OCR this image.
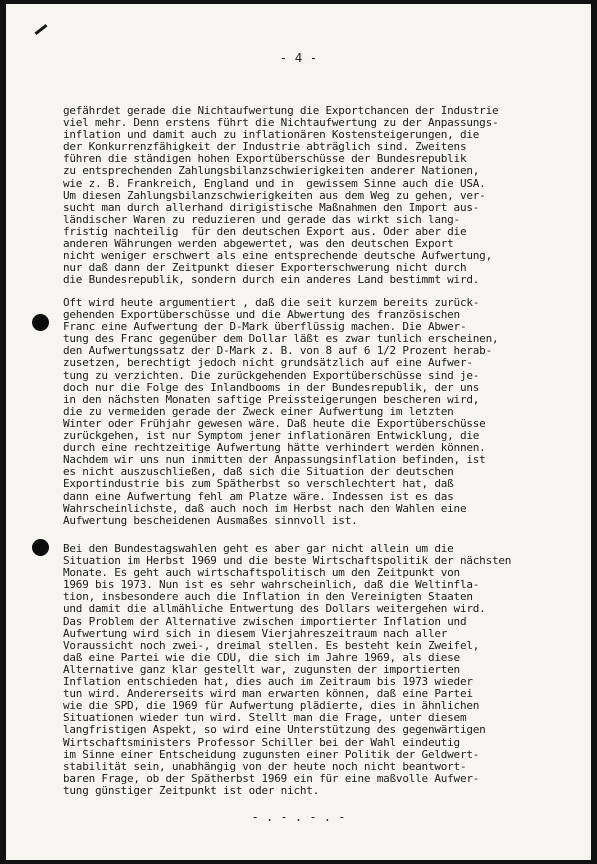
- 4 -
gefährdet gerade die Nichtaufwertung die Exportchancen der Industrie
viel mehr. Denn erstens führt die Nichtaufwertung zu der Anpassungs-
inflation und damit auch zu inflationären Kostensteigerungen, die
der Konkurrenzfähigkeit der Industrie abträglich sind. Zweitens
führen die ständigen hohen Exportüberschüsse der Bundesrepublik
zu entsprechenden Zahlungsbilanzschwierigkeiten anderer Nationen,
wie z. B. Frankreich, England und in  gewissem Sinne auch die USA.
Um diesen Zahlungsbilanzschwierigkeiten aus dem Weg zu gehen, ver-
sucht man durch allerhand dirigistische Maßnahmen den Import aus-
ländischer Waren zu reduzieren und gerade das wirkt sich lang-
fristig nachteilig  für den deutschen Export aus. Oder aber die
anderen Währungen werden abgewertet, was den deutschen Export
nicht weniger erschwert als eine entsprechende deutsche Aufwertung,
nur daß dann der Zeitpunkt dieser Exporterschwerung nicht durch
die Bundesrepublik, sondern durch ein anderes Land bestimmt wird.
Oft wird heute argumentiert , daß die seit kurzem bereits zurück-
gehenden Exportüberschüsse und die Abwertung des französischen
Franc eine Aufwertung der D-Mark überflüssig machen. Die Abwer-
tung des Franc gegenüber dem Dollar läßt es zwar tunlich erscheinen,
den Aufwertungssatz der D-Mark z. B. von 8 auf 6 1/2 Prozent herab-
zusetzen, berechtigt jedoch nicht grundsätzlich auf eine Aufwer-
tung zu verzichten. Die zurückgehenden Exportüberschüsse sind je-
doch nur die Folge des Inlandbooms in der Bundesrepublik, der uns
in den nächsten Monaten saftige Preissteigerungen bescheren wird,
die zu vermeiden gerade der Zweck einer Aufwertung im letzten
Winter oder Frühjahr gewesen wäre. Daß heute die Exportüberschüsse
zurückgehen, ist nur Symptom jener inflationären Entwicklung, die
durch eine rechtzeitige Aufwertung hätte verhindert werden können.
Nachdem wir uns nun inmitten der Anpassungsinflation befinden, ist
es nicht auszuschließen, daß sich die Situation der deutschen
Exportindustrie bis zum Spätherbst so verschlechtert hat, daß
dann eine Aufwertung fehl am Platze wäre. Indessen ist es das
Wahrscheinlichste, daß auch noch im Herbst nach den Wahlen eine
Aufwertung bescheidenen Ausmaßes sinnvoll ist.
Bei den Bundestagswahlen geht es aber gar nicht allein um die
Situation im Herbst 1969 und die beste Wirtschaftspolitik der nächsten
Monate. Es geht auch wirtschaftspolitisch um den Zeitpunkt von
1969 bis 1973. Nun ist es sehr wahrscheinlich, daß die Weltinfla-
tion, insbesondere auch die Inflation in den Vereinigten Staaten
und damit die allmähliche Entwertung des Dollars weitergehen wird.
Das Problem der Alternative zwischen importierter Inflation und
Aufwertung wird sich in diesem Vierjahreszeitraum nach aller
Voraussicht noch zwei-, dreimal stellen. Es besteht kein Zweifel,
daß eine Partei wie die CDU, die sich im Jahre 1969, als diese
Alternative ganz klar gestellt war, zugunsten der importierten
Inflation entschieden hat, dies auch im Zeitraum bis 1973 wieder
tun wird. Andererseits wird man erwarten können, daß eine Partei
wie die SPD, die 1969 für Aufwertung plädierte, dies in ähnlichen
Situationen wieder tun wird. Stellt man die Frage, unter diesem
langfristigen Aspekt, so wird eine Unterstützung des gegenwärtigen
Wirtschaftsministers Professor Schiller bei der Wahl eindeutig
im Sinne einer Entscheidung zugunsten einer Politik der Geldwert-
stabilität sein, unabhängig von der heute noch nicht beantwort-
baren Frage, ob der Spätherbst 1969 ein für eine maßvolle Aufwer-
tung günstiger Zeitpunkt ist oder nicht.
- . - . - . -
